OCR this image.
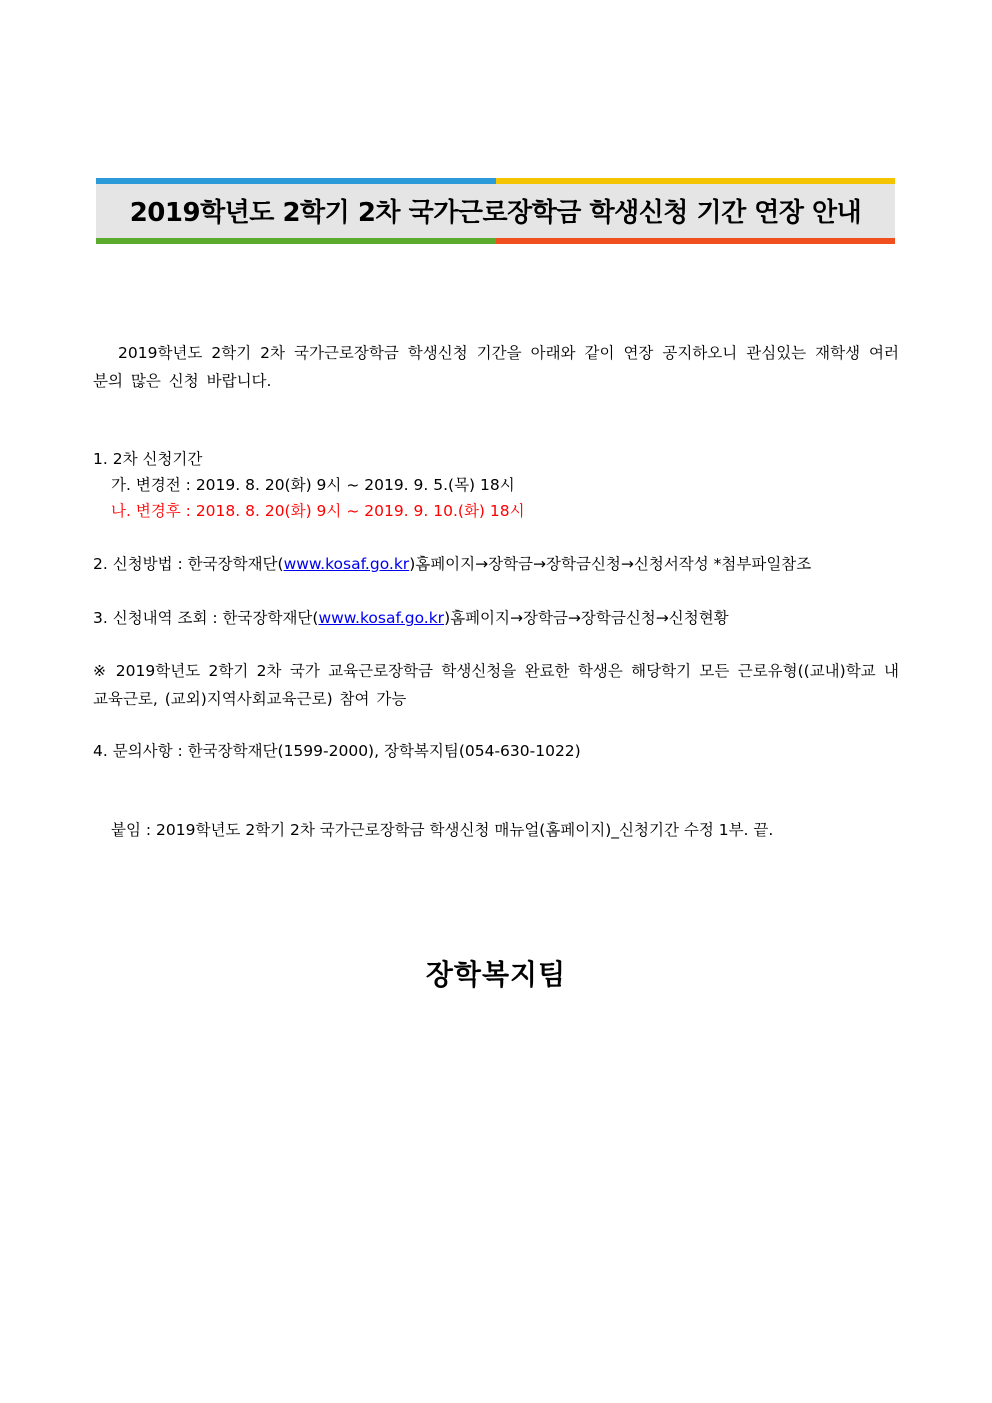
2019학년도 2학기 2차 국가근로장학금 학생신청 기간 연장 안내
2019학년도 2학기 2차 국가근로장학금 학생신청 기간을 아래와 같이 연장 공지하오니 관심있는 재학생 여러분의 많은 신청 바랍니다.
1. 2차 신청기간
가. 변경전 : 2019. 8. 20(화) 9시 ~ 2019. 9. 5.(목) 18시
나. 변경후 : 2018. 8. 20(화) 9시 ~ 2019. 9. 10.(화) 18시
2. 신청방법 : 한국장학재단(www.kosaf.go.kr)홈페이지→장학금→장학금신청→신청서작성 *첨부파일참조
3. 신청내역 조회 : 한국장학재단(www.kosaf.go.kr)홈페이지→장학금→장학금신청→신청현황
※ 2019학년도 2학기 2차 국가 교육근로장학금 학생신청을 완료한 학생은 해당학기 모든 근로유형((교내)학교 내 교육근로, (교외)지역사회교육근로) 참여 가능
4. 문의사항 : 한국장학재단(1599-2000), 장학복지팀(054-630-1022)
붙임 : 2019학년도 2학기 2차 국가근로장학금 학생신청 매뉴얼(홈페이지)_신청기간 수정 1부. 끝.
장학복지팀
